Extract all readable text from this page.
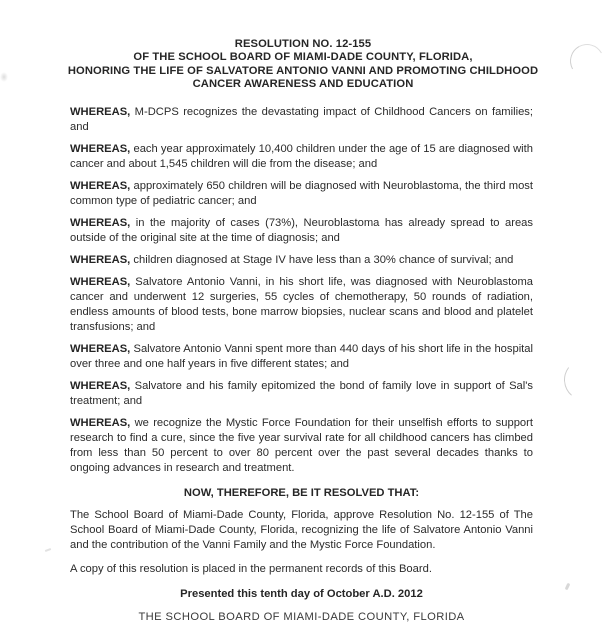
RESOLUTION NO. 12-155
OF THE SCHOOL BOARD OF MIAMI-DADE COUNTY, FLORIDA,
HONORING THE LIFE OF SALVATORE ANTONIO VANNI AND PROMOTING CHILDHOOD
CANCER AWARENESS AND EDUCATION

WHEREAS, M-DCPS recognizes the devastating impact of Childhood Cancers on families; and

WHEREAS, each year approximately 10,400 children under the age of 15 are diagnosed with cancer and about 1,545 children will die from the disease; and

WHEREAS, approximately 650 children will be diagnosed with Neuroblastoma, the third most common type of pediatric cancer; and

WHEREAS, in the majority of cases (73%), Neuroblastoma has already spread to areas outside of the original site at the time of diagnosis; and

WHEREAS, children diagnosed at Stage IV have less than a 30% chance of survival; and

WHEREAS, Salvatore Antonio Vanni, in his short life, was diagnosed with Neuroblastoma cancer and underwent 12 surgeries, 55 cycles of chemotherapy, 50 rounds of radiation, endless amounts of blood tests, bone marrow biopsies, nuclear scans and blood and platelet transfusions; and

WHEREAS, Salvatore Antonio Vanni spent more than 440 days of his short life in the hospital over three and one half years in five different states; and

WHEREAS, Salvatore and his family epitomized the bond of family love in support of Sal's treatment; and

WHEREAS, we recognize the Mystic Force Foundation for their unselfish efforts to support research to find a cure, since the five year survival rate for all childhood cancers has climbed from less than 50 percent to over 80 percent over the past several decades thanks to ongoing advances in research and treatment.

NOW, THEREFORE, BE IT RESOLVED THAT:

The School Board of Miami-Dade County, Florida, approve Resolution No. 12-155 of The School Board of Miami-Dade County, Florida, recognizing the life of Salvatore Antonio Vanni and the contribution of the Vanni Family and the Mystic Force Foundation.

A copy of this resolution is placed in the permanent records of this Board.

Presented this tenth day of October A.D. 2012
THE SCHOOL BOARD OF MIAMI-DADE COUNTY, FLORIDA
